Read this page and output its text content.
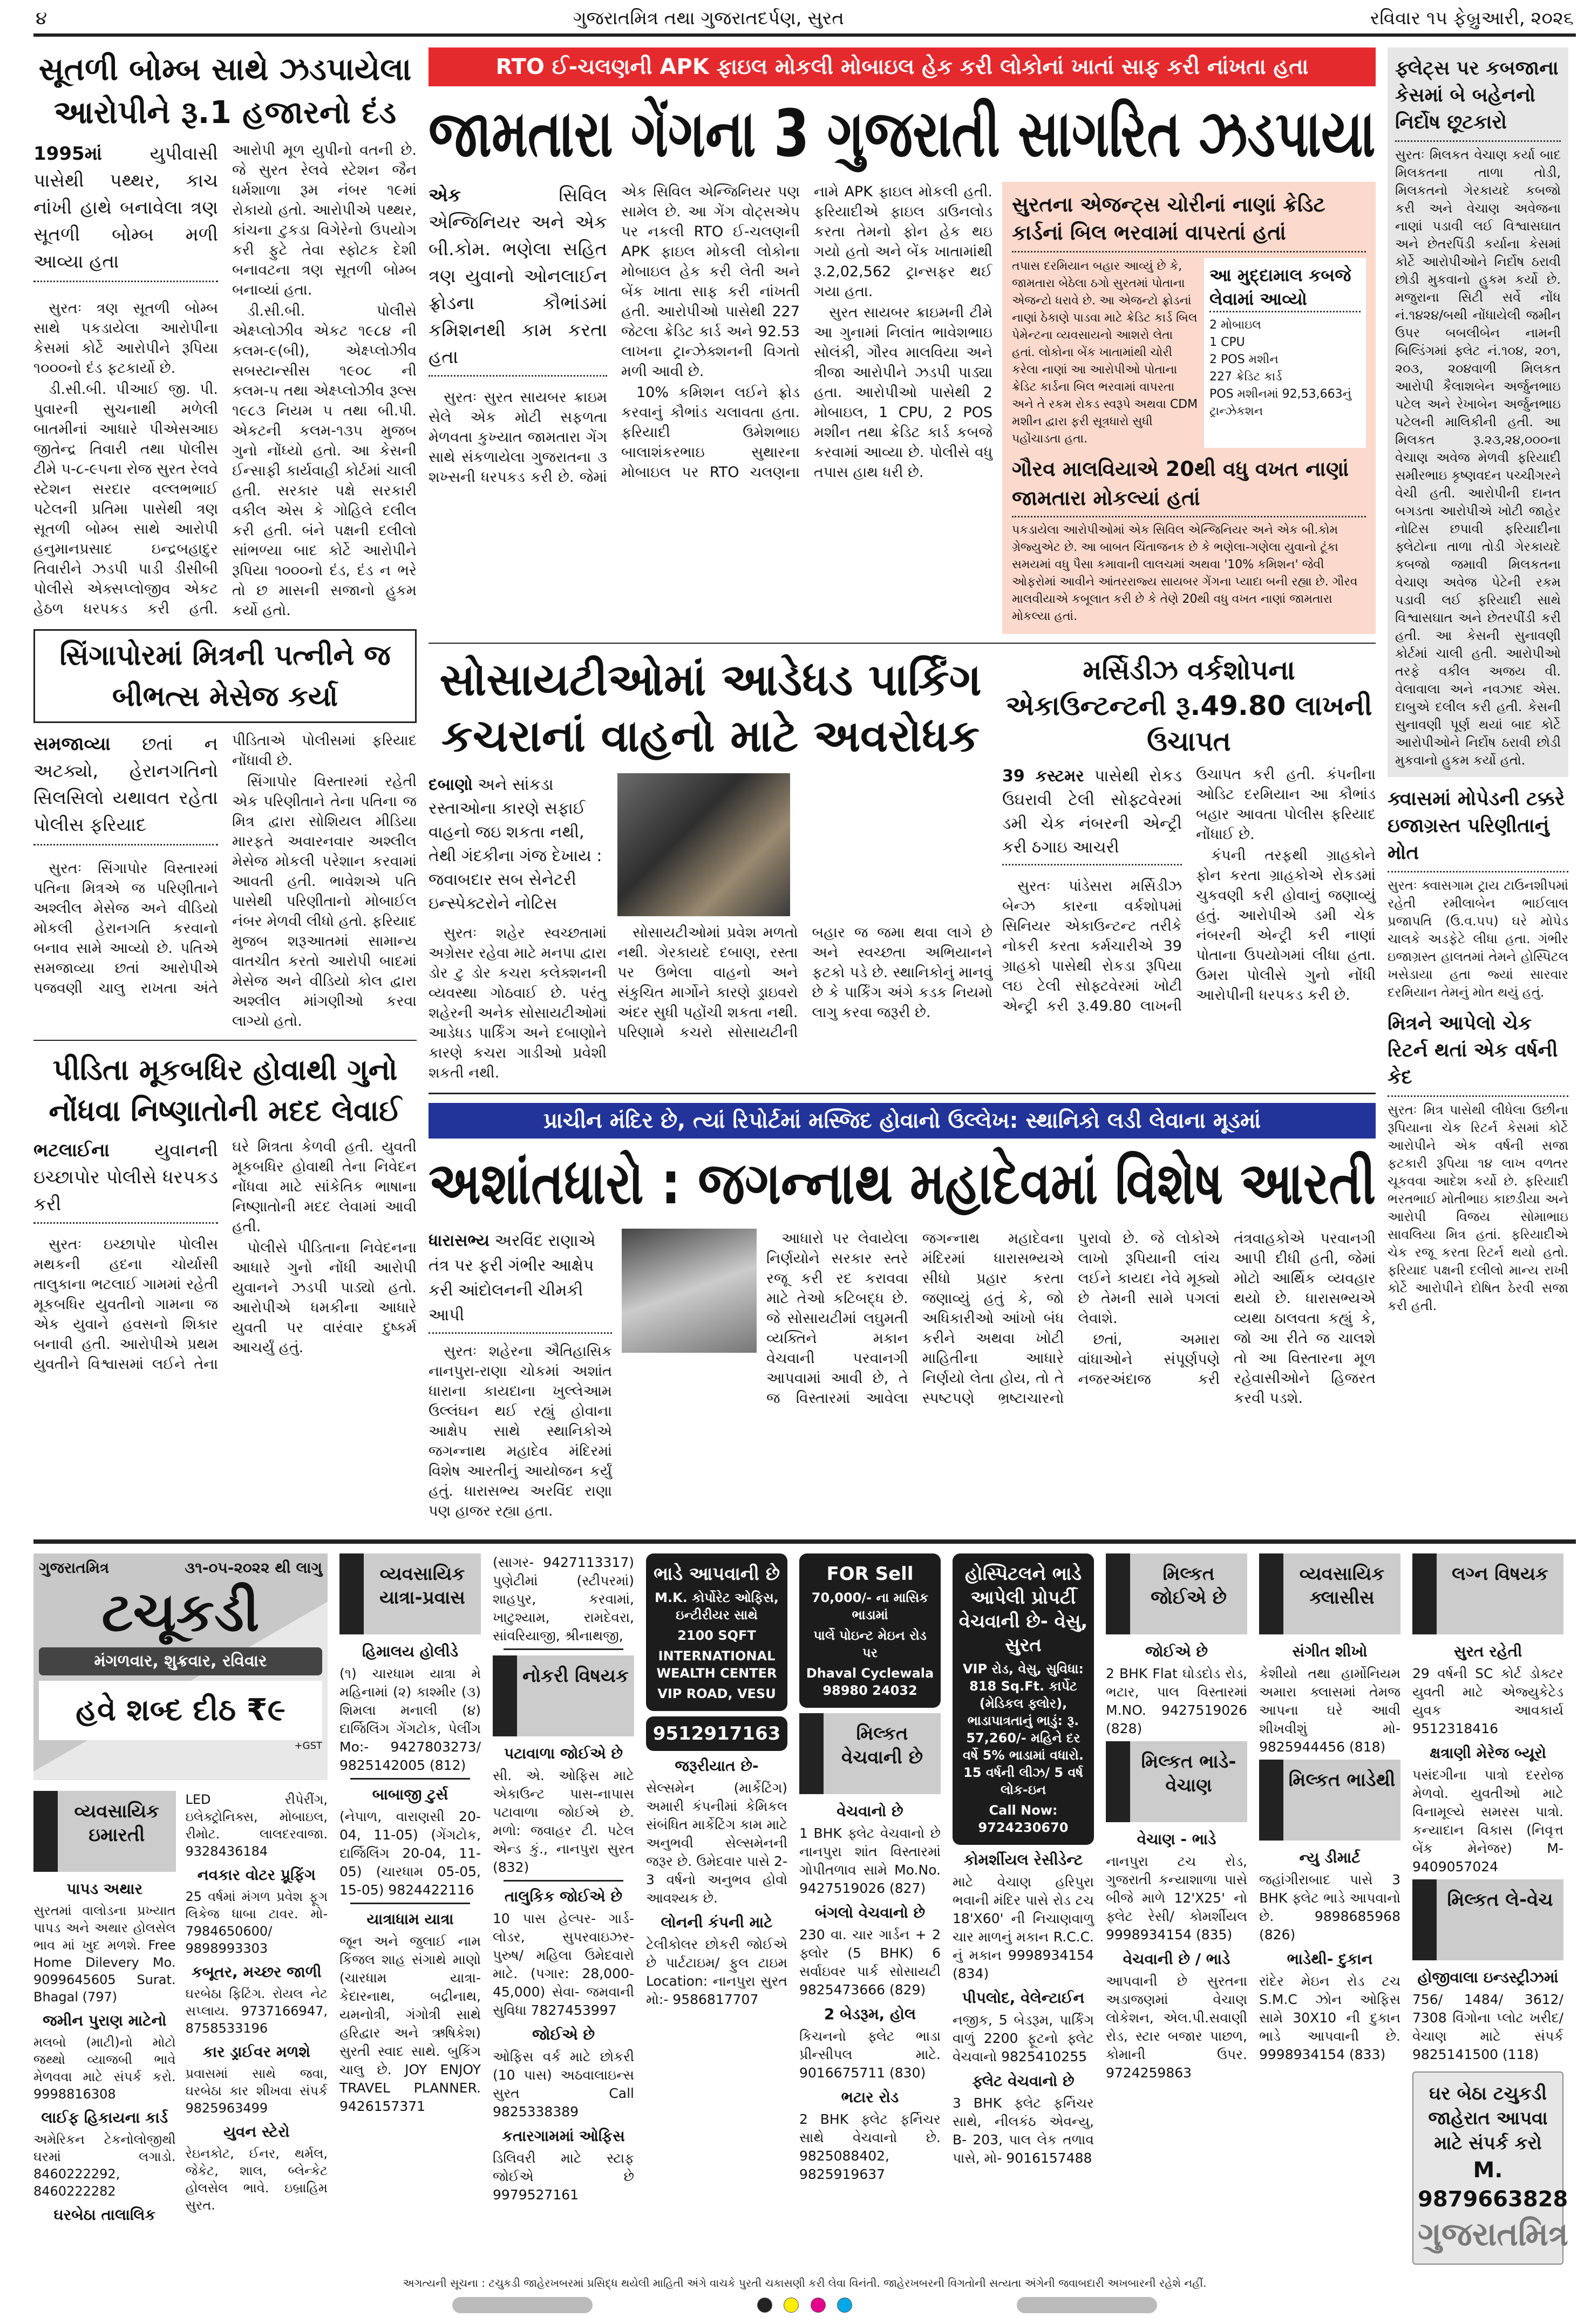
૪	ગુજરાતમિત્ર તથા ગુજરાતદર્પણ, સુરત	રવિવાર ૧૫ ફેબ્રુઆરી, ૨૦૨૬
સૂતળી બોમ્બ સાથે ઝડપાયેલા આરોપીને રૂ.1 હજારનો દંડ
1995માં	યુપીવાસી પાસેથી પથ્થર, કાચ નાંખી હાથે બનાવેલા ત્રણ સૂતળી બોમ્બ મળી આવ્યા હતા

સુરતઃ ત્રણ સૂતળી બોમ્બ સાથે પકડાયેલા આરોપીના કેસમાં કોર્ટે આરોપીને રૂપિયા ૧૦૦૦નો દંડ ફટકાર્યો છે.

ડી.સી.બી. પીઆઈ જી. પી. પુવારની સુચનાથી મળેલી બાતમીનાં આધારે પીએસઆઇ જીતેન્દ્ર તિવારી તથા પોલીસ ટીમે ૫-૮-૯૫ના રોજ સુરત રેલવે સ્ટેશન સરદાર વલ્લભભાઈ પટેલની પ્રતિમા પાસેથી ત્રણ સૂતળી બોમ્બ સાથે આરોપી હનુમાનપ્રસાદ ઇન્દ્રબહાદુર તિવારીને ઝડપી પાડી ડીસીબી પોલીસે એક્સપ્લોજીવ એકટ હેઠળ ધરપકડ કરી હતી. આરોપી મૂળ યુપીનો વતની છે. જે સુરત રેલવે સ્ટેશન જૈન ધર્મશાળા રૂમ નંબર ૧૯માં રોકાયો હતો. આરોપીએ પથ્થર, કાંચના ટુકડા વિગેરેનો ઉપયોગ કરી ફુટે તેવા સ્ફોટક દેશી બનાવટના ત્રણ સૂતળી બોમ્બ બનાવ્યાં હતા.

ડી.સી.બી. પોલીસે એક્ષ્પ્લોઝીવ એકટ ૧૯૮૪ ની કલમ-૯(બી), એક્ષ્પ્લોઝીવ સબસ્ટાન્સીસ ૧૯૦૮ ની કલમ-૫ તથા એક્ષ્પ્લોઝીવ રૂલ્સ ૧૯૮૩ નિયમ ૫ તથા બી.પી. એકટની કલમ-૧૩૫ મુજબ ગુનો નોંધ્યો હતો. આ કેસની ઈન્સાફી કાર્યવાહી કોર્ટમાં ચાલી હતી. સરકાર પક્ષે સરકારી વકીલ એસ કે ગોહિલે દલીલ કરી હતી. બંને પક્ષની દલીલો સાંભળ્યા બાદ કોર્ટે આરોપીને રૂપિયા ૧૦૦૦નો દંડ, દંડ ન ભરે તો છ માસની સજાનો હુકમ કર્યો હતો.

સિંગાપોરમાં મિત્રની પત્નીને જ બીભત્સ મેસેજ કર્યા
સમજાવ્યા છતાં ન અટક્યો, હેરાનગતિનો સિલસિલો યથાવત રહેતા પોલીસ ફરિયાદ

સુરતઃ સિંગાપોર વિસ્તારમાં પતિના મિત્રએ જ પરિણીતાને અશ્લીલ મેસેજ અને વીડિયો મોકલી હેરાનગતિ કરવાનો બનાવ સામે આવ્યો છે. પતિએ સમજાવ્યા છતાં આરોપીએ પજવણી ચાલુ રાખતા અંતે પીડિતાએ પોલીસમાં ફરિયાદ નોંધાવી છે.

સિંગાપોર વિસ્તારમાં રહેતી એક પરિણીતાને તેના પતિના જ મિત્ર દ્વારા સોશિયલ મીડિયા મારફતે અવારનવાર અશ્લીલ મેસેજ મોકલી પરેશાન કરવામાં આવતી હતી. ભાવેશએ પતિ પાસેથી પરિણીતાનો મોબાઈલ નંબર મેળવી લીધો હતો. ફરિયાદ મુજબ શરૂઆતમાં સામાન્ય વાતચીત કરતો આરોપી બાદમાં મેસેજ અને વીડિયો કોલ દ્વારા અશ્લીલ માંગણીઓ કરવા લાગ્યો હતો.

પીડિતા મૂકબધિર હોવાથી ગુનો નોંધવા નિષ્ણાતોની મદદ લેવાઈ
ભટલાઈના યુવાનની ઇચ્છાપોર પોલીસે ધરપકડ કરી

સુરતઃ ઇચ્છાપોર પોલીસ મથકની હદના ચોર્યાસી તાલુકાના ભટલાઈ ગામમાં રહેતી મૂકબધિર યુવતીનો ગામના જ એક યુવાને હવસનો શિકાર બનાવી હતી. આરોપીએ પ્રથમ યુવતીને વિશ્વાસમાં લઈને તેના ઘરે મિત્રતા કેળવી હતી. યુવતી મૂકબધિર હોવાથી તેના નિવેદન નોંધવા માટે સાંકેતિક ભાષાના નિષ્ણાતોની મદદ લેવામાં આવી હતી.

પોલીસે પીડિતાના નિવેદનના આધારે ગુનો નોંધી આરોપી યુવાનને ઝડપી પાડ્યો હતો. આરોપીએ ધમકીના આધારે યુવતી પર વારંવાર દુષ્કર્મ આચર્યું હતું.

RTO ઈ-ચલણની APK ફાઇલ મોકલી મોબાઇલ હેક કરી લોકોનાં ખાતાં સાફ કરી નાંખતા હતા
જામતારા ગેંગના 3 ગુજરાતી સાગરિત ઝડપાયા
એક	સિવિલ એન્જિનિયર અને એક બી.કોમ. ભણેલા સહિત ત્રણ યુવાનો ઓનલાઈન ફ્રોડના કૌભાંડમાં કમિશનથી કામ કરતા હતા

સુરતઃ સુરત સાયબર ક્રાઇમ સેલે એક મોટી સફળતા મેળવતા કુખ્યાત જામતારા ગેંગ સાથે સંકળાયેલા ગુજરાતના ૩ શખ્સની ધરપકડ કરી છે. જેમાં એક સિવિલ એન્જિનિયર પણ સામેલ છે. આ ગેંગ વોટ્સએપ પર નકલી RTO ઈ-ચલણની APK ફાઇલ મોકલી લોકોના મોબાઇલ હેક કરી લેતી અને બેંક ખાતા સાફ કરી નાંખતી હતી. આરોપીઓ પાસેથી 227 જેટલા ક્રેડિટ કાર્ડ અને 92.53 લાખના ટ્રાન્ઝેક્શનની વિગતો મળી આવી છે.

10% કમિશન લઈને ફ્રોડ કરવાનું કૌભાંડ ચલાવતા હતા. ફરિયાદી ઉમેશભાઇ બાલાશંકરભાઇ સુથારના મોબાઇલ પર RTO ચલણના નામે APK ફાઇલ મોકલી હતી. ફરિયાદીએ ફાઇલ ડાઉનલોડ કરતા તેમનો ફોન હેક થઇ ગયો હતો અને બેંક ખાતામાંથી રૂ.2,02,562 ટ્રાન્સફર થઈ ગયા હતા.

સુરત સાયબર ક્રાઇમની ટીમે આ ગુનામાં નિલાંત ભાવેશભાઇ સોલંકી, ગૌરવ માલવિયા અને ત્રીજા આરોપીને ઝડપી પાડ્યા હતા. આરોપીઓ પાસેથી 2 મોબાઇલ, 1 CPU, 2 POS મશીન તથા ક્રેડિટ કાર્ડ કબજે કરવામાં આવ્યા છે. પોલીસે વધુ તપાસ હાથ ધરી છે.

સુરતના એજન્ટ્સ ચોરીનાં નાણાં ક્રેડિટ કાર્ડનાં બિલ ભરવામાં વાપરતાં હતાં
તપાસ દરમિયાન બહાર આવ્યું છે કે, જામતારા બેઠેલા ઠગો સુરતમાં પોતાના એજન્ટો ધરાવે છે. આ એજન્ટો ફ્રોડનાં નાણાં ઠેકાણે પાડવા માટે ક્રેડિટ કાર્ડ બિલ પેમેન્ટના વ્યવસાયનો આશરો લેતા હતાં. લોકોના બેંક ખાતામાંથી ચોરી કરેલા નાણાં આ આરોપીઓ પોતાના ક્રેડિટ કાર્ડના બિલ ભરવામાં વાપરતા અને તે રકમ રોકડ સ્વરૂપે અથવા CDM મશીન દ્વારા ફરી સૂત્રધારો સુધી પહોંચાડતા હતા.
આ મુદ્દામાલ કબજે લેવામાં આવ્યો
2 મોબાઇલ
1 CPU
2 POS મશીન
227 ક્રેડિટ કાર્ડ
POS મશીનમાં 92,53,663નું ટ્રાન્ઝેકશન
ગૌરવ માલવિયાએ 20થી વધુ વખત નાણાં જામતારા મોકલ્યાં હતાં
પકડાયેલા આરોપીઓમાં એક સિવિલ એન્જિનિયર અને એક બી.કોમ ગ્રેજ્યુએટ છે. આ બાબત ચિંતાજનક છે કે ભણેલા-ગણેલા યુવાનો ટૂંકા સમયમાં વધુ પૈસા કમાવાની લાલચમાં અથવા '10% કમિશન' જેવી ઓફરોમાં આવીને આંતરરાજ્ય સાયબર ગેંગના પ્યાદા બની રહ્યા છે. ગૌરવ માલવીયાએ કબૂલાત કરી છે કે તેણે 20થી વધુ વખત નાણાં જામતારા મોકલ્યા હતાં.
સોસાયટીઓમાં આડેધડ પાર્કિંગ કચરાનાં વાહનો માટે અવરોધક
દબાણો અને સાંકડા રસ્તાઓના કારણે સફાઈ વાહનો જઇ શકતા નથી, તેથી ગંદકીના ગંજ દેખાય : જવાબદાર સબ સેનેટરી ઇન્સ્પેક્ટરોને નોટિસ

સુરતઃ શહેર સ્વચ્છતામાં અગ્રેસર રહેવા માટે મનપા દ્વારા ડોર ટુ ડોર કચરા કલેક્શનની વ્યવસ્થા ગોઠવાઈ છે. પરંતુ શહેરની અનેક સોસાયટીઓમાં આડેધડ પાર્કિંગ અને દબાણોને કારણે કચરા ગાડીઓ પ્રવેશી શકતી નથી.

સોસાયટીઓમાં પ્રવેશ મળતો નથી. ગેરકાયદે દબાણ, રસ્તા પર ઉભેલા વાહનો અને સંકુચિત માર્ગોને કારણે ડ્રાઇવરો અંદર સુધી પહોંચી શકતા નથી. પરિણામે કચરો સોસાયટીની બહાર જ જમા થવા લાગે છે અને સ્વચ્છતા અભિયાનને ફટકો પડે છે. સ્થાનિકોનું માનવું છે કે પાર્કિંગ અંગે કડક નિયમો લાગુ કરવા જરૂરી છે.

મર્સિડીઝ વર્કશોપના એકાઉન્ટન્ટની રૂ.49.80 લાખની ઉચાપત
39 કસ્ટમર પાસેથી રોકડ ઉઘરાવી ટેલી સોફ્ટવેરમાં ડમી ચેક નંબરની એન્ટ્રી કરી ઠગાઇ આચરી

સુરતઃ પાંડેસરા મર્સિડીઝ બેન્ઝ કારના વર્કશોપમાં સિનિયર એકાઉન્ટન્ટ તરીકે નોકરી કરતા કર્મચારીએ 39 ગ્રાહકો પાસેથી રોકડા રૂપિયા લઇ ટેલી સોફ્ટવેરમાં ખોટી એન્ટ્રી કરી રૂ.49.80 લાખની ઉચાપત કરી હતી. કંપનીના ઓડિટ દરમિયાન આ કૌભાંડ બહાર આવતા પોલીસ ફરિયાદ નોંધાઈ છે.

કંપની તરફથી ગ્રાહકોને ફોન કરતા ગ્રાહકોએ રોકડમાં ચુકવણી કરી હોવાનું જણાવ્યું હતું. આરોપીએ ડમી ચેક નંબરની એન્ટ્રી કરી નાણાં પોતાના ઉપયોગમાં લીધા હતા. ઉમરા પોલીસે ગુનો નોંધી આરોપીની ધરપકડ કરી છે.

પ્રાચીન મંદિર છે, ત્યાં રિપોર્ટમાં મસ્જિદ હોવાનો ઉલ્લેખ: સ્થાનિકો લડી લેવાના મૂડમાં
અશાંતધારો : જગન્નાથ મહાદેવમાં વિશેષ આરતી
ધારાસભ્ય અરવિંદ રાણાએ તંત્ર પર ફરી ગંભીર આક્ષેપ કરી આંદોલનની ચીમકી આપી

સુરતઃ શહેરના ઐતિહાસિક નાનપુરા-રાણા ચોકમાં અશાંત ધારાના કાયદાના ખુલ્લેઆમ ઉલ્લંઘન થઈ રહ્યું હોવાના આક્ષેપ સાથે સ્થાનિકોએ જગન્નાથ મહાદેવ મંદિરમાં વિશેષ આરતીનું આયોજન કર્યું હતું. ધારાસભ્ય અરવિંદ રાણા પણ હાજર રહ્યા હતા.

આધારો પર લેવાયેલા નિર્ણયોને સરકાર સ્તરે રજૂ કરી રદ કરાવવા માટે તેઓ કટિબદ્ધ છે. જે સોસાયટીમાં લઘુમતી વ્યક્તિને મકાન વેચવાની પરવાનગી આપવામાં આવી છે, તે જ વિસ્તારમાં આવેલા જગન્નાથ મહાદેવના મંદિરમાં ધારાસભ્યએ સીધો પ્રહાર કરતા જણાવ્યું હતું કે, જો અધિકારીઓ આંખો બંધ કરીને અથવા ખોટી માહિતીના આધારે નિર્ણયો લેતા હોય, તો તે સ્પષ્ટપણે ભ્રષ્ટાચારનો પુરાવો છે. જે લોકોએ લાખો રૂપિયાની લાંચ લઈને કાયદા નેવે મૂક્યો છે તેમની સામે પગલાં લેવાશે.

છતાં, અમારા વાંધાઓને સંપૂર્ણપણે નજરઅંદાજ કરી તંત્રવાહકોએ પરવાનગી આપી દીધી હતી, જેમાં મોટો આર્થિક વ્યવહાર થયો છે. ધારાસભ્યએ વ્યથા ઠાલવતા કહ્યું કે, જો આ રીતે જ ચાલશે તો આ વિસ્તારના મૂળ રહેવાસીઓને હિજરત કરવી પડશે.

ફ્લેટ્સ પર કબજાના કેસમાં બે બહેનનો નિર્દોષ છૂટકારો
સુરતઃ મિલકત વેચાણ કર્યા બાદ મિલકતના તાળા તોડી, મિલકતનો ગેરકાયદે કબજો કરી અને વેચાણ અવેજના નાણાં પડાવી લઈ વિશ્વાસઘાત અને છેતરપિંડી કર્યાના કેસમાં કોર્ટે આરોપીઓને નિર્દોષ ઠરાવી છોડી મુકવાનો હુકમ કર્યો છે. મજુરાના સિટી સર્વે નોંધ નં.૧૪૨૪/બથી નોંધાયેલી જમીન ઉપર બબલીબેન નામની બિલ્ડિંગમાં ફ્લેટ નં.૧૦૪, ૨૦૧, ૨૦૩, ૨૦૪વાળી મિલકત આરોપી કૈલાશબેન અર્જુનભાઇ પટેલ અને રેખાબેન અર્જુનભાઇ પટેલની માલિકીની હતી. આ મિલકત રૂ.૨૩,૨૪,૦૦૦ના વેચાણ અવેજ મેળવી ફરિયાદી સમીરભાઇ કૃષ્ણવદન પચ્ચીગરને વેચી હતી. આરોપીની દાનત બગડતા આરોપીએ ખોટી જાહેર નોટિસ છપાવી ફરિયાદીના ફ્લેટોના તાળા તોડી ગેરકાયદે કબજો જમાવી મિલકતના વેચાણ અવેજ પેટેની રકમ પડાવી લઈ ફરિયાદી સાથે વિશ્વાસઘાત અને છેતરપીંડી કરી હતી. આ કેસની સુનાવણી કોર્ટમાં ચાલી હતી. આરોપીઓ તરફે વકીલ અજય વી. વેલાવાલા અને નવઝાદ એસ. દાબુએ દલીલ કરી હતી. કેસની સુનાવણી પૂર્ણ થયાં બાદ કોર્ટે આરોપીઓને નિર્દોષ ઠરાવી છોડી મુકવાનો હુકમ કર્યો હતો.
ક્વાસમાં મોપેડની ટક્કરે ઇજાગ્રસ્ત પરિણીતાનું મોત
સુરતઃ ક્વાસગામ ટ્રાય ટાઉનશીપમાં રહેતી રમીલાબેન ભાઈલાલ પ્રજાપતિ (ઉ.વ.૫૫) ઘરે મોપેડ ચાલકે અડફેટે લીધા હતા. ગંભીર ઇજાગ્રસ્ત હાલતમાં તેમને હોસ્પિટલ ખસેડાયા હતા જ્યાં સારવાર દરમિયાન તેમનું મોત થયું હતું.
મિત્રને આપેલો ચેક રિટર્ન થતાં એક વર્ષની કેદ
સુરતઃ મિત્ર પાસેથી લીધેલા ઉછીના રૂપિયાના ચેક રિટર્ન કેસમાં કોર્ટે આરોપીને એક વર્ષની સજા ફટકારી રૂપિયા ૧૪ લાખ વળતર ચૂકવવા આદેશ કર્યો છે. ફરિયાદી ભરતભાઈ મોતીભાઇ કાછડીયા અને આરોપી વિજય સોમાભાઇ સાવલિયા મિત્ર હતાં. ફરિયાદીએ ચેક રજૂ કરતા રિટર્ન થયો હતો. ફરિયાદ પક્ષની દલીલો માન્ય રાખી કોર્ટે આરોપીને દોષિત ઠેરવી સજા કરી હતી.
ગુજરાતમિત્ર	૩૧-૦૫-૨૦૨૨ થી લાગુ
ટચૂકડી
મંગળવાર, શુક્રવાર, રવિવાર
હવે શબ્દ દીઠ ₹૯
+GST
વ્યવસાયિક ઇમારતી
પાપડ અથાર
સુરતમાં વાલોડના પ્રખ્યાત પાપડ અને અથાર હોલસેલ ભાવ માં ખુદ મળશે. Free Home Dilevery Mo. 9099645605 Surat. Bhagal (797)
જમીન પુરાણ માટેનો
મલબો (માટી)નો મોટો જથ્થો વ્યાજબી ભાવે મેળવવા માટે સંપર્ક કરો. 9998816308
લાઈફ હિકાયના કાર્ડ
અમેરિકન ટેકનોલોજીથી ઘરમાં લગાડો. 8460222292, 8460222282
ઘરબેઠા તાલાલિક
LED રીપેરીંગ, ઇલેક્ટ્રોનિક્સ, મોબાઇલ, રીમોટ. લાલદરવાજા. 9328436184
નવકાર વોટર પ્રૂફિંગ
25 વર્ષમાં મંગળ પ્રવેશ ફૂગ લિકેજ ધાબા ટાવર. મો- 7984650600/ 9898993303
કબૂતર, મચ્છર જાળી
ઘરબેઠા ફિટિંગ. રોયલ નેટ સપ્લાય. 9737166947, 8758533196
કાર ડ્રાઈવર મળશે
પ્રવાસમાં સાથે જવા, ઘરબેઠા કાર શીખવા સંપર્ક 9825963499
યુવન સ્ટેરો
રેઇનકોટ, ઈનર, થર્મલ, જેકેટ, શાલ, બ્લેન્કેટ હોલસેલ ભાવે. ઇબ્રાહિમ સુરત.
વ્યવસાયિક યાત્રા-પ્રવાસ
હિમાલય હોલીડે
(૧) ચારધામ યાત્રા મે મહિનામાં (૨) કાશ્મીર (૩) શિમલા મનાલી (૪) દાર્જિલિંગ ગેંગટોક, પેલીંગ Mo:- 9427803273/ 9825142005 (812)
બાબાજી ટુર્સ
(નેપાળ, વારાણસી 20-04, 11-05) (ગેંગટોક, દાર્જિલિંગ 20-04, 11-05) (ચારધામ 05-05, 15-05) 9824422116
યાત્રાધામ યાત્રા
જૂન અને જુલાઈ નામ કિંજલ શાહ સંગાથે માણો (ચારધામ યાત્રા- કેદારનાથ, બદ્રીનાથ, યમનોત્રી, ગંગોત્રી સાથે હરિદ્વાર અને ઋષિકેશ) સુરતી સ્વાદ સાથે. બુકિંગ ચાલુ છે. JOY ENJOY TRAVEL PLANNER. 9426157371
(સાગર- 9427113317) પુણેટીમાં (સ્ટીપરમાં) શાહપુર, કરવામાં, ખાટુશ્યામ, રામદેવરા, સાંવરિયાજી, શ્રીનાથજી,
નોકરી વિષયક
પટાવાળા જોઈએ છે
સી. એ. ઓફિસ માટે એકાઉન્ટ પાસ-નાપાસ પટાવાળા જોઈએ છે. મળો: જવાહર ટી. પટેલ એન્ડ કું., નાનપુરા સુરત (832)
તાલુકિક જોઈએ છે
10 પાસ હેલ્પર- ગાર્ડ- લોડર, સુપરવાઇઝર- પુરુષ/ મહિલા ઉમેદવારો માટે. (પગાર: 28,000- 45,000) સેવા- જમવાની સુવિધા 7827453997
જોઈએ છે
ઓફિસ વર્ક માટે છોકરી (10 પાસ) અઠવાલાઇન્સ સુરત Call 9825338389
કતારગામમાં ઓફિસ
ડિલિવરી માટે સ્ટાફ જોઈએ છે 9979527161
ભાડે આપવાની છે
M.K. કોર્પોરેટ ઓફિસ, ઇન્ટીરીયર સાથે
2100 SQFT
INTERNATIONAL WEALTH CENTER
VIP ROAD, VESU
9512917163
જરૂરીયાત છે-
સેલ્સમેન (માર્કેટિંગ) અમારી કંપનીમાં કેમિકલ સંબંધિત માર્કેટિંગ કામ માટે અનુભવી સેલ્સમેનની જરૂર છે. ઉમેદવાર પાસે 2- 3 વર્ષનો અનુભવ હોવો આવશ્યક છે.
લોનની કંપની માટે
ટેલીકોલર છોકરી જોઈએ છે પાર્ટટાઇમ/ ફુલ ટાઇમ Location: નાનપુરા સુરત મો:- 9586817707
FOR Sell
70,000/- ના માસિક ભાડામાં
પાર્લે પોઇન્ટ મેઇન રોડ પર
Dhaval Cyclewala 98980 24032
મિલ્કત વેચવાની છે
વેચવાનો છે
1 BHK ફ્લેટ વેચવાનો છે નાનપુરા શાંત વિસ્તારમાં ગોપીતળાવ સામે Mo.No. 9427519026 (827)
બંગલો વેચવાનો છે
230 વા. ચાર ગાર્ડન + 2 ફ્લોર (5 BHK) 6 સર્વાઇવર પાર્ક સોસાયટી 9825473666 (829)
2 બેડરૂમ, હોલ
કિચનનો ફ્લેટ ભાડા પ્રીન્સીપલ માટે. 9016675711 (830)
ભટાર રોડ
2 BHK ફ્લેટ ફર્નિચર સાથે વેચવાનો છે. 9825088402, 9825919637
હોસ્પિટલને ભાડે આપેલી પ્રોપર્ટી વેચવાની છે- વેસુ, સુરત
VIP રોડ, વેસુ, સુવિધા: 818 Sq.Ft. કાર્પેટ (મેડિકલ ફ્લોર), ભાડાપાત્રતાનું ભાડું: રૂ. 57,260/- મહિને દર વર્ષે 5% ભાડામાં વધારો. 15 વર્ષની લીઝ/ 5 વર્ષ લોક-ઇન
Call Now: 9724230670
કોમર્શીયલ રેસીડેન્ટ
માટે વેચાણ હરિપુરા ભવાની મંદિર પાસે રોડ ટચ 18'X60' ની નિચાણવાળુ ચાર માળનું મકાન R.C.C. નું મકાન 9998934154 (834)
પીપલોદ, વેલેન્ટાઈન
નજીક, 5 બેડરૂમ, પાર્કિંગ વાળું 2200 ફૂટનો ફ્લેટ વેચવાનો 9825410255
ફ્લેટ વેચવાનો છે
3 BHK ફ્લેટ ફર્નિચર સાથે, નીલકંઠ એવન્યુ, B- 203, પાલ લેક તળાવ પાસે, મો- 9016157488
મિલ્કત જોઈએ છે
જોઈએ છે
2 BHK Flat ઘોડદોડ રોડ, ભટાર, પાલ વિસ્તારમાં M.NO. 9427519026 (828)
મિલ્કત ભાડે-વેચાણ
વેચાણ - ભાડે
નાનપુરા ટચ રોડ, ગુજરાતી કન્યાશાળા પાસે બીજે માળે 12'X25' નો ફ્લેટ રેસી/ કોમર્શીયલ 9998934154 (835)
વેચવાની છે / ભાડે
આપવાની છે સુરતના અડાજણમાં વેચાણ લોકેશન, એલ.પી.સવાણી રોડ, સ્ટાર બજાર પાછળ, કોમાની ઉપર. 9724259863
વ્યવસાયિક ક્લાસીસ
સંગીત શીખો
કેશીયો તથા હાર્મોનિયમ અમારા ક્લાસમાં તેમજ આપના ઘરે આવી શીખવીશું મો- 9825944456 (818)
મિલ્કત ભાડેથી
ન્યુ ડીમાર્ટ
જહાંગીરાબાદ પાસે 3 BHK ફ્લેટ ભાડે આપવાનો છે. 9898685968 (826)
ભાડેથી- દુકાન
રાંદેર મેઇન રોડ ટચ S.M.C ઝોન ઓફિસ સામે 30X10 ની દુકાન ભાડે આપવાની છે. 9998934154 (833)
લગ્ન વિષયક
સુરત રહેતી
29 વર્ષની SC કોર્ટ ડોક્ટર યુવતી માટે એજ્યુકેટેડ યુવક આવકાર્ય 9512318416
ક્ષત્રાણી મેરેજ બ્યૂરો
પસંદગીના પાત્રો દરરોજ મેળવો. યુવતીઓ માટે વિનામૂલ્યે સમરસ પાત્રો. કન્યાદાન વિકાસ (નિવૃત્ત બેંક મેનેજર) M- 9409057024
મિલ્કત લે-વેચ
હોજીવાલા ઇન્ડસ્ટ્રીઝમાં
756/ 1484/ 3612/ 7308 વિંગોના પ્લોટ ખરીદ/ વેચાણ માટે સંપર્ક 9825141500 (118)
ઘર બેઠા ટચુકડી જાહેરાત આપવા
માટે સંપર્ક કરો
M. 9879663828
ગુજરાતમિત્ર
અગત્યની સૂચના : ટચુકડી જાહેરખબરમાં પ્રસિદ્ધ થયેલી માહિતી અંગે વાચકે પુરતી ચકાસણી કરી લેવા વિનંતી. જાહેરખબરની વિગતોની સત્યતા અંગેની જવાબદારી અખબારની રહેશે નહીં.
